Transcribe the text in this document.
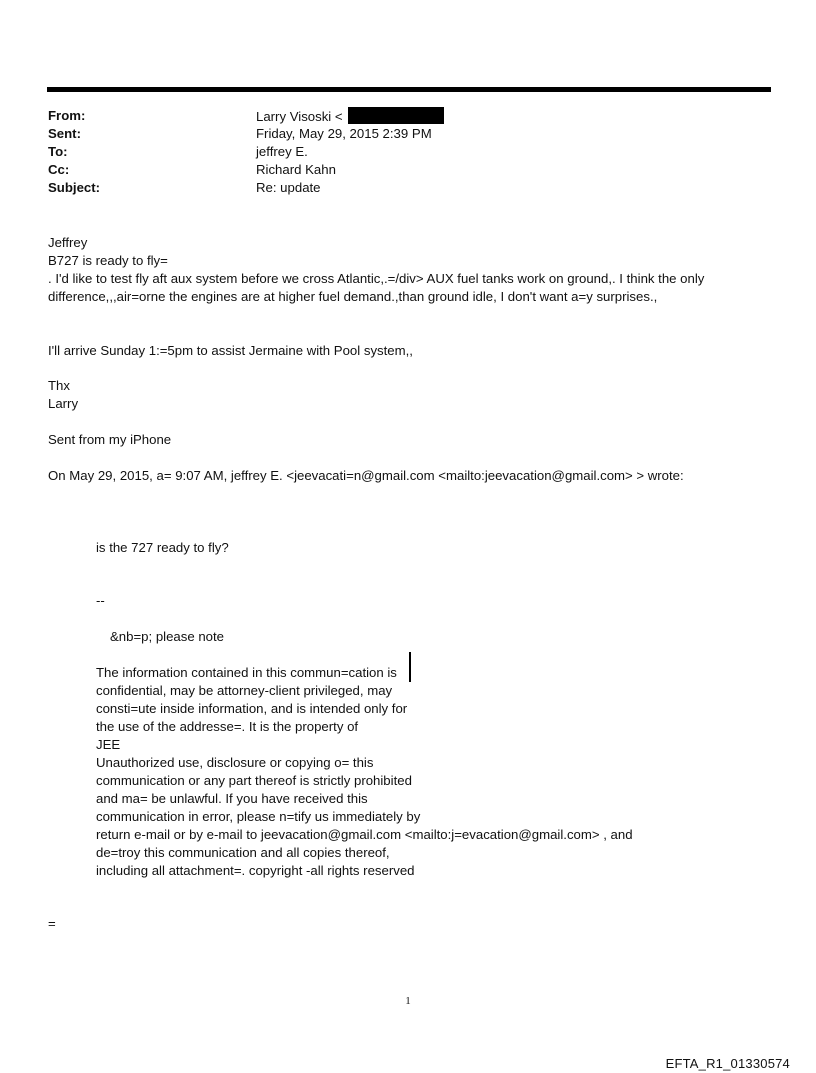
From:	Larry Visoski <
Sent:	Friday, May 29, 2015 2:39 PM
To:	jeffrey E.
Cc:	Richard Kahn
Subject:	Re: update
Jeffrey
B727 is ready to fly=
. I'd like to test fly aft aux system before we cross Atlantic,.=/div> AUX fuel tanks work on ground,. I think the only
difference,,,air=orne the engines are at higher fuel demand.,than ground idle, I don't want a=y surprises.,
I'll arrive Sunday 1:=5pm to assist Jermaine with Pool system,,
Thx
Larry
Sent from my iPhone
On May 29, 2015, a= 9:07 AM, jeffrey E. <jeevacati=n@gmail.com <mailto:jeevacation@gmail.com> > wrote:
is the 727 ready to fly?
--
&nb=p; please note
The information contained in this commun=cation is
confidential, may be attorney-client privileged, may
consti=ute inside information, and is intended only for
the use of the addresse=. It is the property of
JEE
Unauthorized use, disclosure or copying o= this
communication or any part thereof is strictly prohibited
and ma= be unlawful. If you have received this
communication in error, please n=tify us immediately by
return e-mail or by e-mail to jeevacation@gmail.com <mailto:j=evacation@gmail.com> , and
de=troy this communication and all copies thereof,
including all attachment=. copyright -all rights reserved
=
1
EFTA_R1_01330574
